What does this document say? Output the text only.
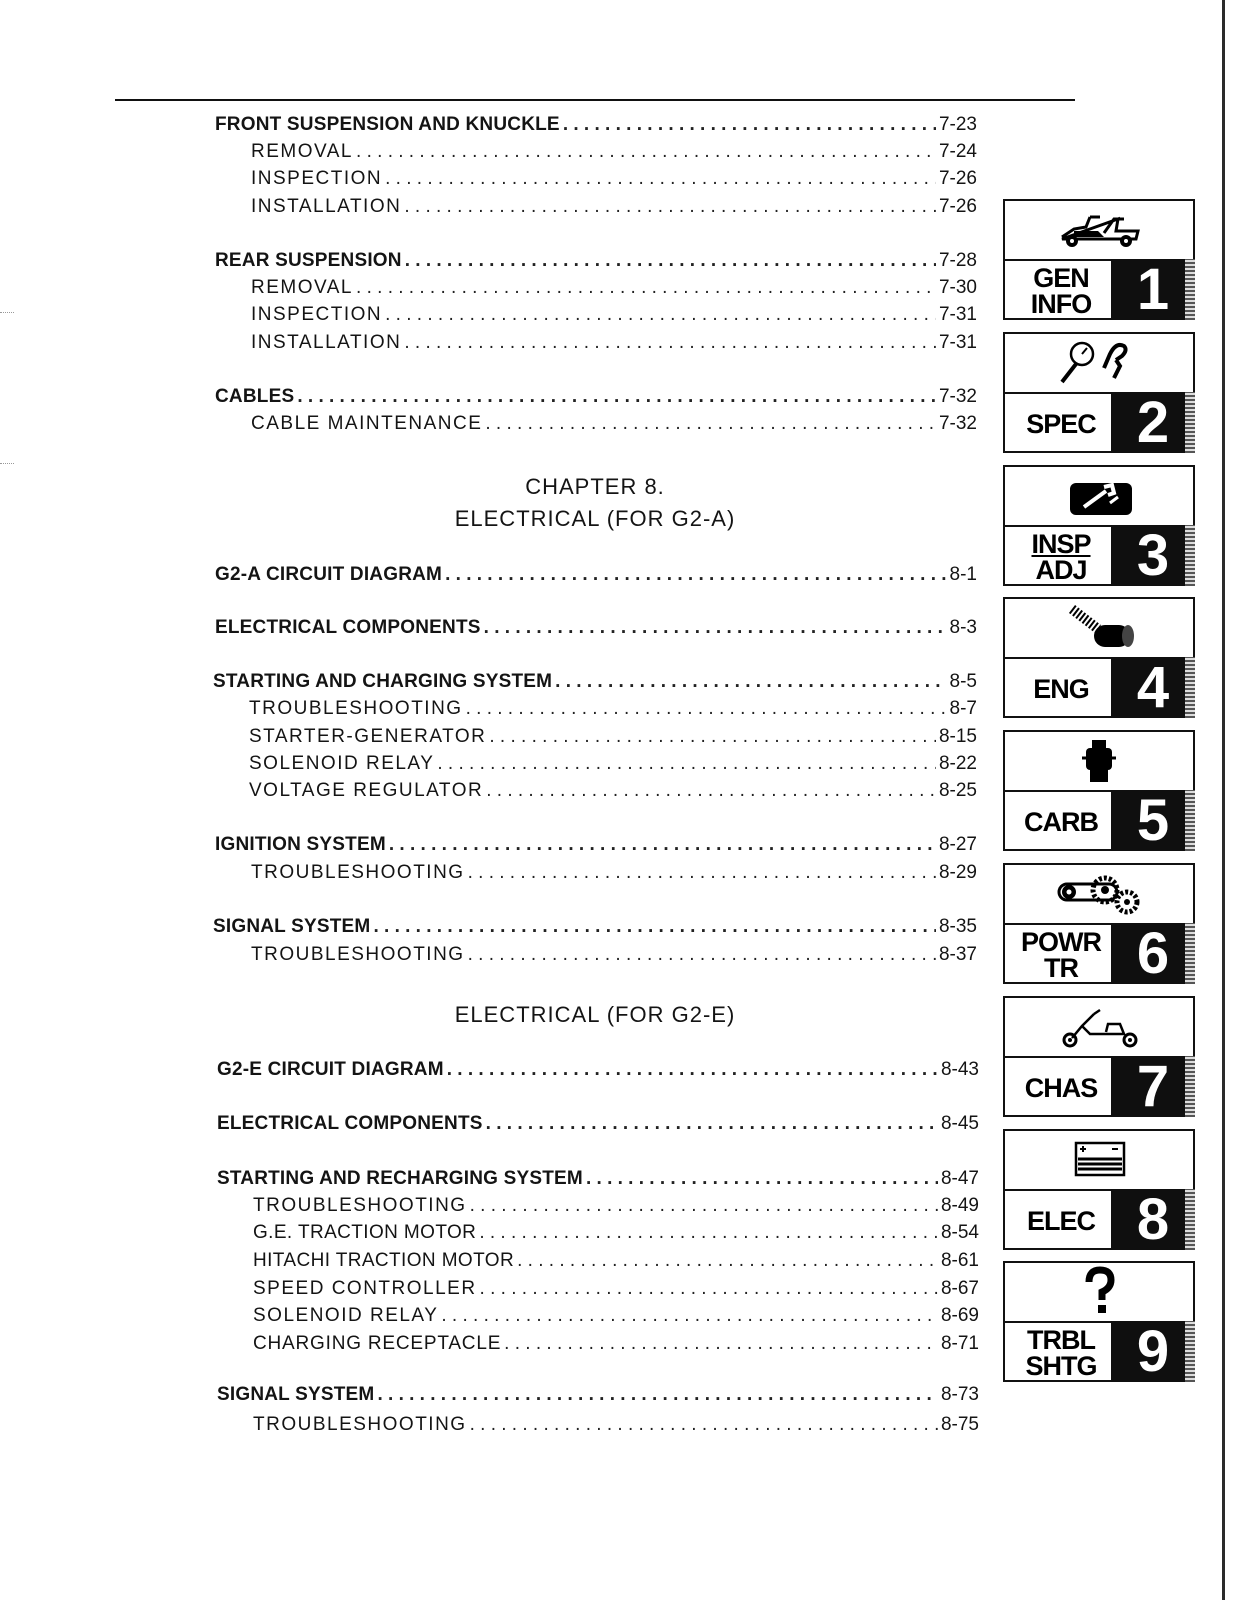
FRONT SUSPENSION AND KNUCKLE . . .	7-23
REMOVAL . . .	7-24
INSPECTION . . .	7-26
INSTALLATION . . .	7-26
REAR SUSPENSION . . .	7-28
REMOVAL . . .	7-30
INSPECTION . . .	7-31
INSTALLATION . . .	7-31
CABLES . . .	7-32
CABLE MAINTENANCE . . .	7-32
CHAPTER 8.
ELECTRICAL (FOR G2-A)
G2-A CIRCUIT DIAGRAM . . .	8-1
ELECTRICAL COMPONENTS . . .	8-3
STARTING AND CHARGING SYSTEM . . .	8-5
TROUBLESHOOTING . . .	8-7
STARTER-GENERATOR . . .	8-15
SOLENOID RELAY . . .	8-22
VOLTAGE REGULATOR . . .	8-25
IGNITION SYSTEM . . .	8-27
TROUBLESHOOTING . . .	8-29
SIGNAL SYSTEM . . .	8-35
TROUBLESHOOTING . . .	8-37
ELECTRICAL (FOR G2-E)
G2-E CIRCUIT DIAGRAM . . .	8-43
ELECTRICAL COMPONENTS . . .	8-45
STARTING AND RECHARGING SYSTEM . . .	8-47
TROUBLESHOOTING . . .	8-49
G.E. TRACTION MOTOR . . .	8-54
HITACHI TRACTION MOTOR . . .	8-61
SPEED CONTROLLER . . .	8-67
SOLENOID RELAY . . .	8-69
CHARGING RECEPTACLE . . .	8-71
SIGNAL SYSTEM . . .	8-73
TROUBLESHOOTING . . .	8-75
GEN
INFO 1
SPEC 2
INSP
ADJ 3
ENG 4
CARB 5
POWR
TR	6
CHAS 7
ELEC 8
TRBL
SHTG 9
